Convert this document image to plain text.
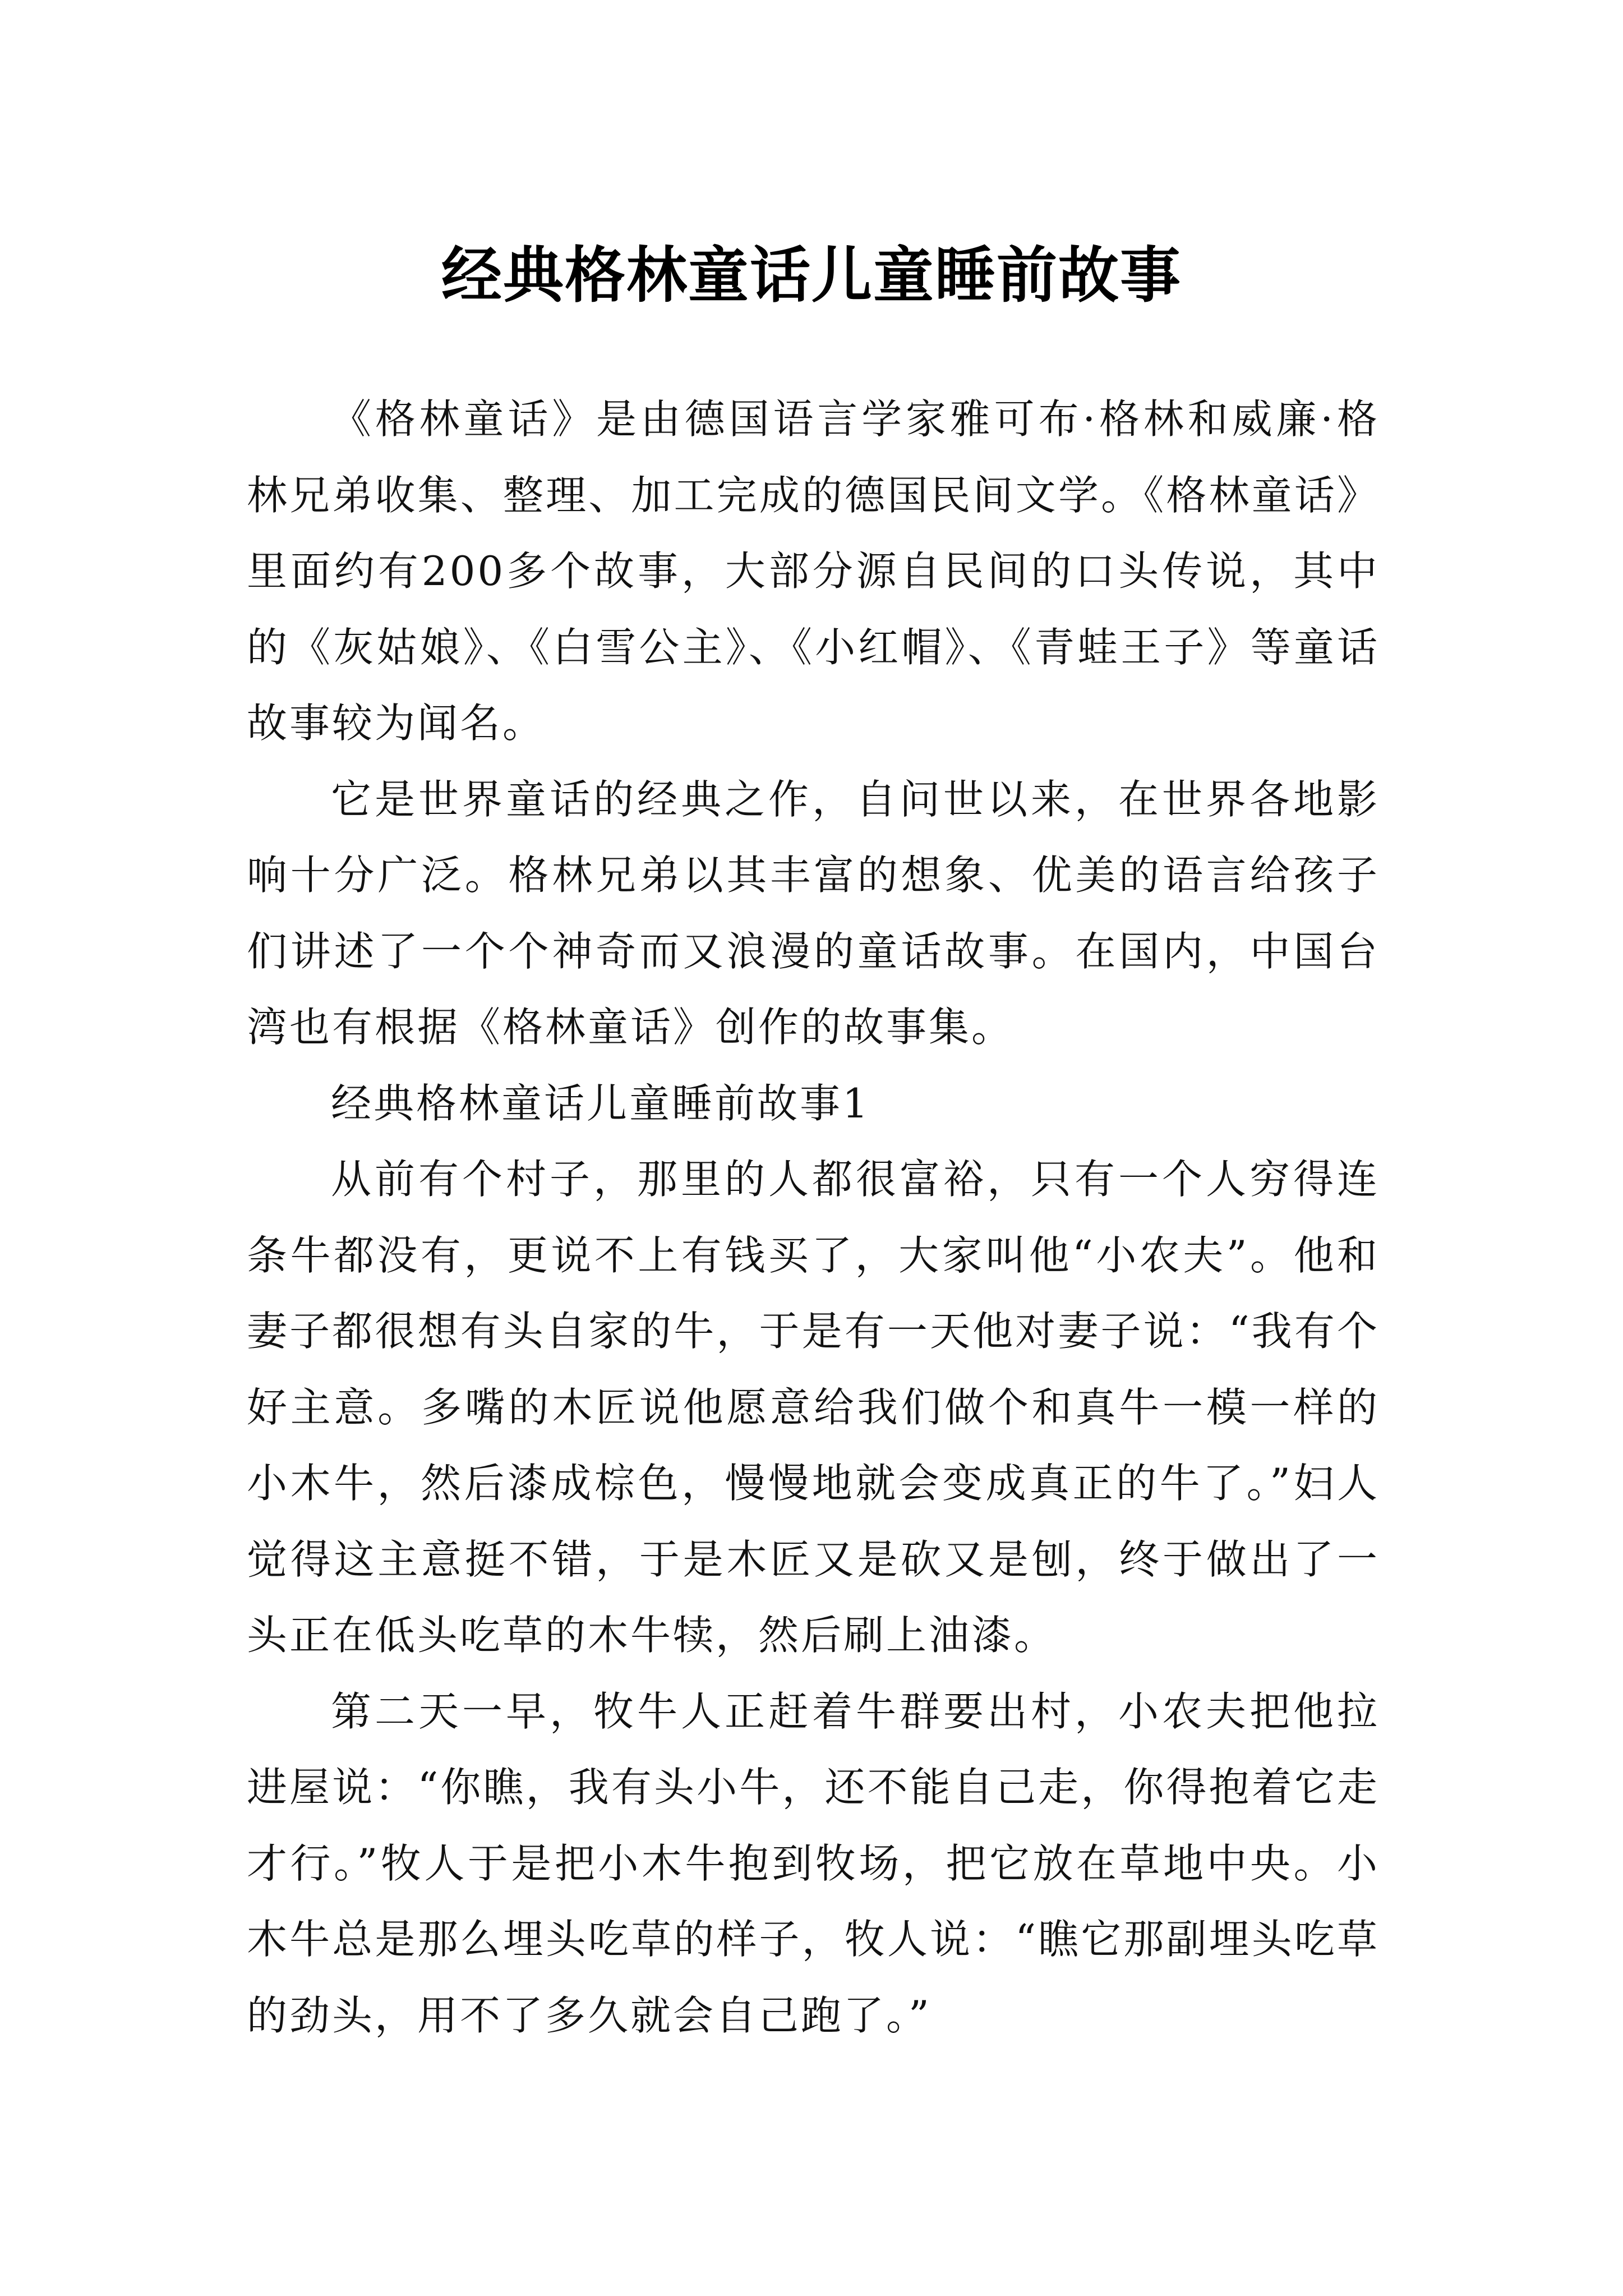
经典格林童话儿童睡前故事

《格林童话》是由德国语言学家雅可布·格林和威廉·格林兄弟收集、整理、加工完成的德国民间文学。《格林童话》里面约有200多个故事，大部分源自民间的口头传说，其中的《灰姑娘》、《白雪公主》、《小红帽》、《青蛙王子》等童话故事较为闻名。

它是世界童话的经典之作，自问世以来，在世界各地影响十分广泛。格林兄弟以其丰富的想象、优美的语言给孩子们讲述了一个个神奇而又浪漫的童话故事。在国内，中国台湾也有根据《格林童话》创作的故事集。

经典格林童话儿童睡前故事1

从前有个村子，那里的人都很富裕，只有一个人穷得连条牛都没有，更说不上有钱买了，大家叫他“小农夫”。他和妻子都很想有头自家的牛，于是有一天他对妻子说：“我有个好主意。多嘴的木匠说他愿意给我们做个和真牛一模一样的小木牛，然后漆成棕色，慢慢地就会变成真正的牛了。”妇人觉得这主意挺不错，于是木匠又是砍又是刨，终于做出了一头正在低头吃草的木牛犊，然后刷上油漆。

第二天一早，牧牛人正赶着牛群要出村，小农夫把他拉进屋说：“你瞧，我有头小牛，还不能自己走，你得抱着它走才行。”牧人于是把小木牛抱到牧场，把它放在草地中央。小木牛总是那么埋头吃草的样子，牧人说：“瞧它那副埋头吃草的劲头，用不了多久就会自己跑了。”
